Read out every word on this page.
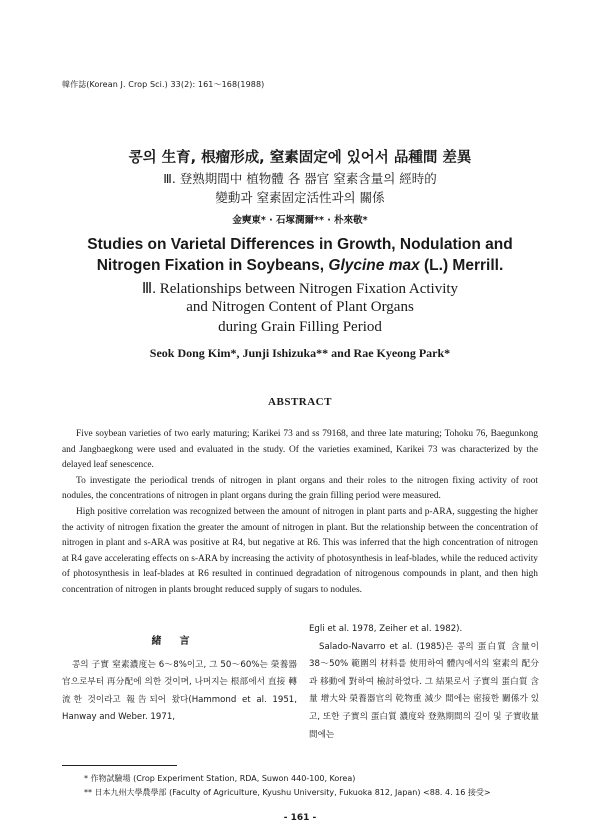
韓作誌(Korean J. Crop Sci.) 33(2): 161～168(1988)
콩의 生育, 根瘤形成, 窒素固定에 있어서 品種間 差異
Ⅲ. 登熟期間中 植物體 各 器官 窒素含量의 經時的
變動과 窒素固定活性과의 關係
金奭東* · 石塚潤爾** · 朴來敬*
Studies on Varietal Differences in Growth, Nodulation and
Nitrogen Fixation in Soybeans, Glycine max (L.) Merrill.
Ⅲ. Relationships between Nitrogen Fixation Activity
and Nitrogen Content of Plant Organs
during Grain Filling Period
Seok Dong Kim*, Junji Ishizuka** and Rae Kyeong Park*
ABSTRACT

Five soybean varieties of two early maturing; Karikei 73 and ss 79168, and three late maturing; Tohoku 76, Baegunkong and Jangbaegkong were used and evaluated in the study. Of the varieties examined, Karikei 73 was characterized by the delayed leaf senescence.

To investigate the periodical trends of nitrogen in plant organs and their roles to the nitrogen fixing activity of root nodules, the concentrations of nitrogen in plant organs during the grain filling period were measured.

High positive correlation was recognized between the amount of nitrogen in plant parts and p-ARA, suggesting the higher the activity of nitrogen fixation the greater the amount of nitrogen in plant. But the relationship between the concentration of nitrogen in plant and s-ARA was positive at R4, but negative at R6. This was inferred that the high concentration of nitrogen at R4 gave accelerating effects on s-ARA by increasing the activity of photosynthesis in leaf-blades, while the reduced activity of photosynthesis in leaf-blades at R6 resulted in continued degradation of nitrogenous compounds in plant, and then high concentration of nitrogen in plants brought reduced supply of sugars to nodules.

緒言

콩의 子實 窒素濃度는 6～8%이고, 그 50～60%는 榮養器官으로부터 再分配에 의한 것이며, 나머지는 根部에서 直接 轉流한 것이라고 報告되어 왔다(Hammond et al. 1951, Hanway and Weber. 1971,

Egli et al. 1978, Zeiher et al. 1982).

Salado-Navarro et al. (1985)은 콩의 蛋白質 含量이 38～50% 範圍의 材料를 使用하여 體內에서의 窒素의 配分과 移動에 對하여 檢討하였다. 그 結果로서 子實의 蛋白質 含量 增大와 榮養器官의 乾物重 減少 間에는 密接한 關係가 있고, 또한 子實의 蛋白質 濃度와 登熟期間의 길이 및 子實收量 間에는

* 作物試驗場 (Crop Experiment Station, RDA, Suwon 440-100, Korea)
** 日本九州大學農學部 (Faculty of Agriculture, Kyushu University, Fukuoka 812, Japan) <88. 4. 16 接受>
- 161 -
